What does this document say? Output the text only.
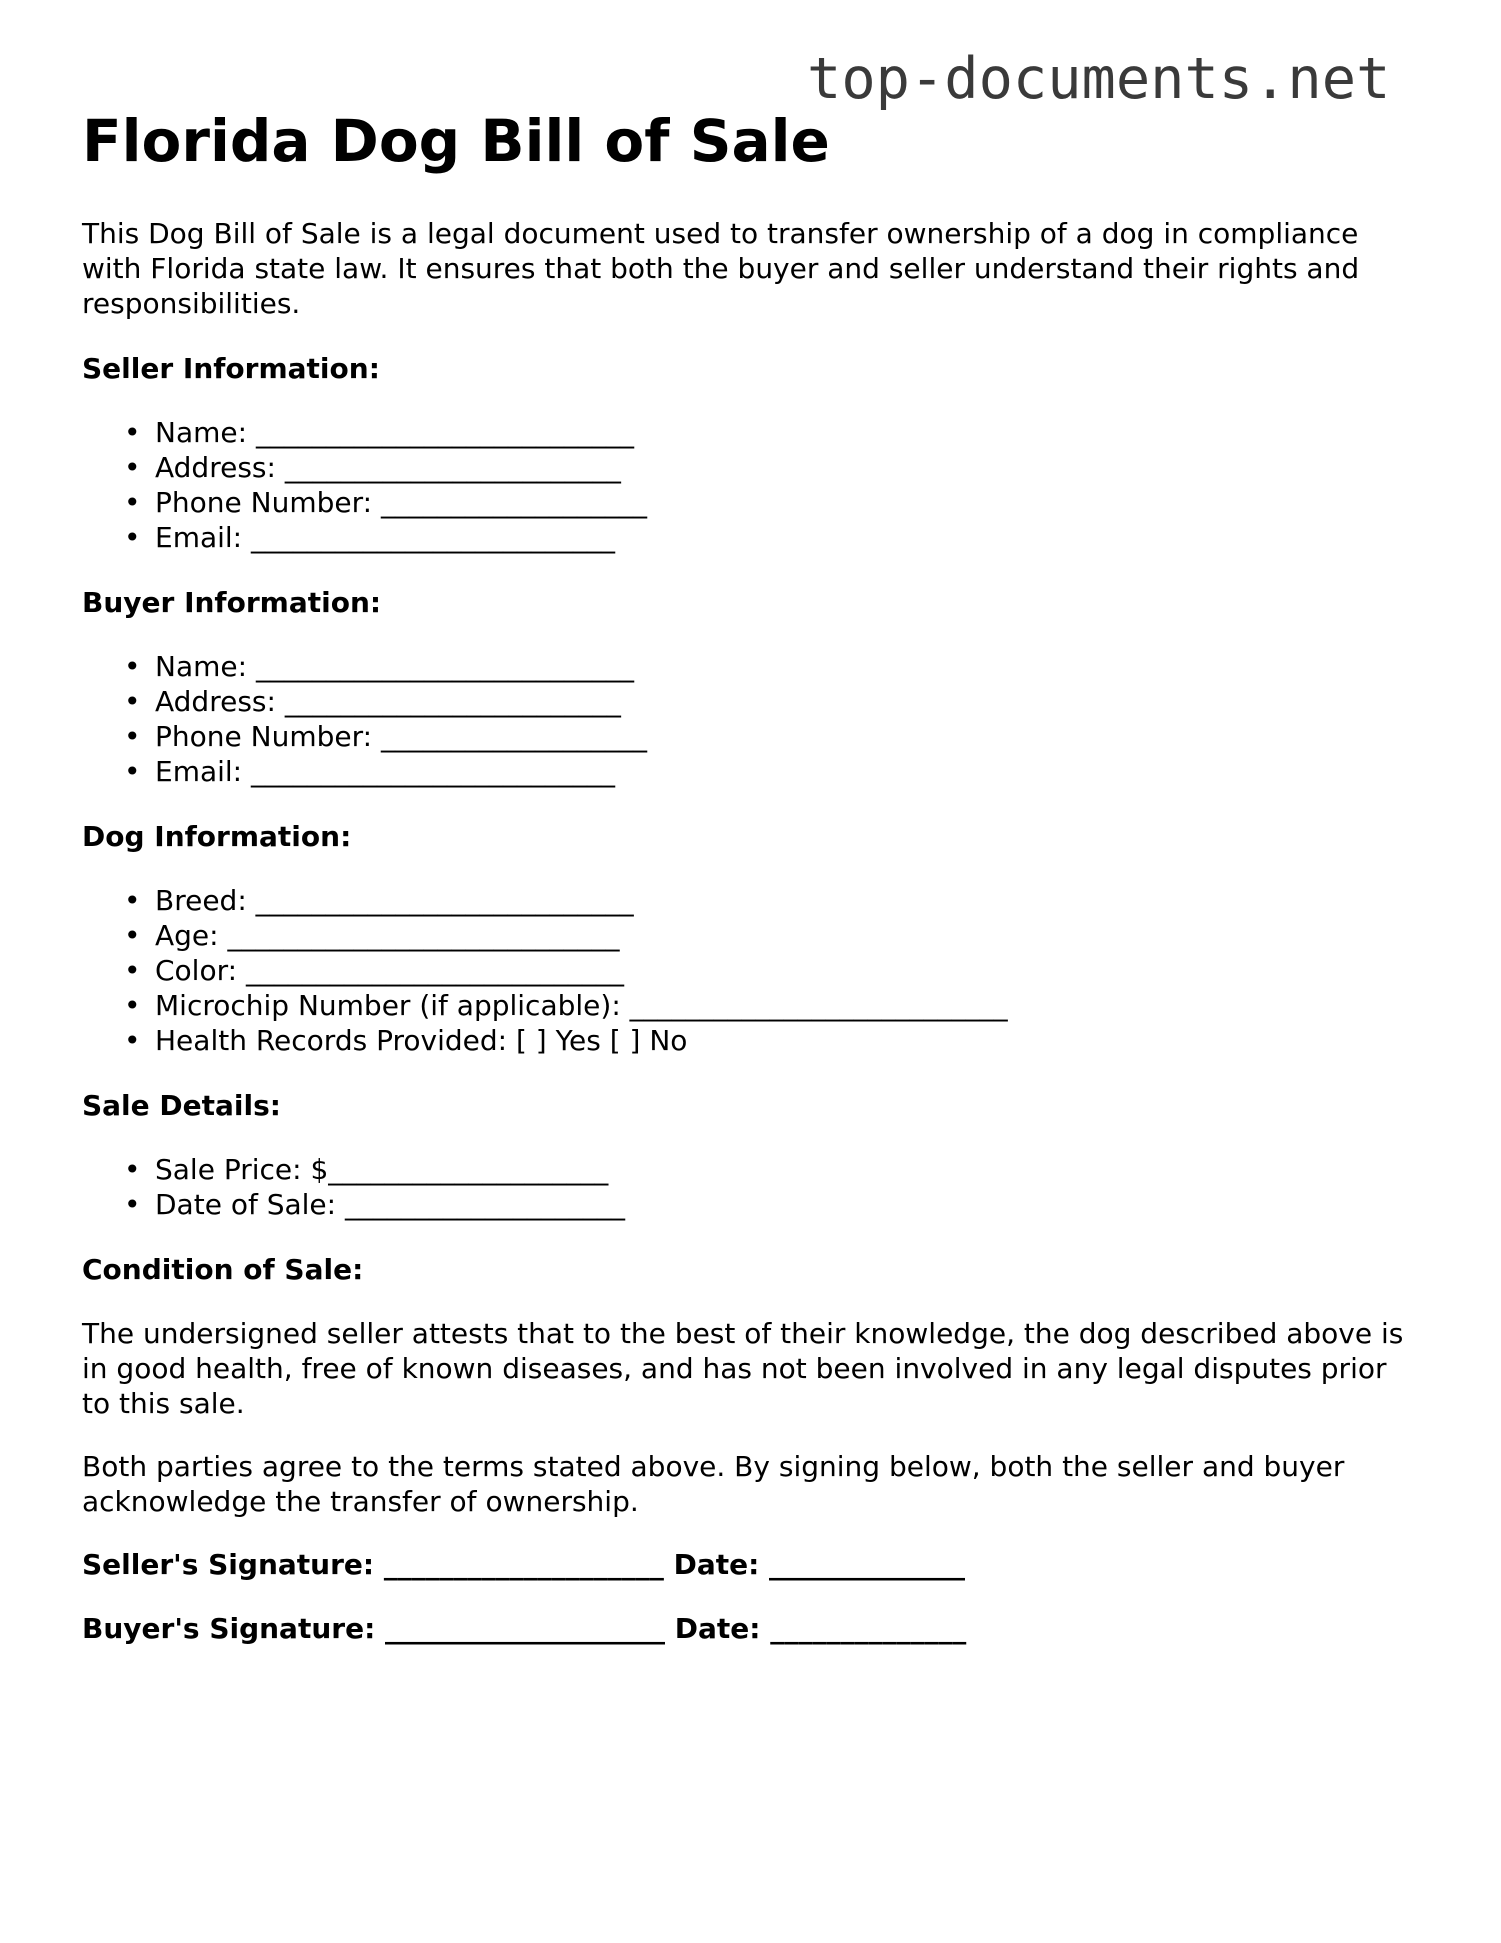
top-documents.net
Florida Dog Bill of Sale

This Dog Bill of Sale is a legal document used to transfer ownership of a dog in compliance with Florida state law. It ensures that both the buyer and seller understand their rights and responsibilities.

Seller Information:
• Name: ___________________________
• Address: ________________________
• Phone Number: ___________________
• Email: __________________________
Buyer Information:
• Name: ___________________________
• Address: ________________________
• Phone Number: ___________________
• Email: __________________________
Dog Information:
• Breed: ___________________________
• Age: ____________________________
• Color: ___________________________
• Microchip Number (if applicable): ___________________________
• Health Records Provided: [ ] Yes [ ] No
Sale Details:
• Sale Price: $____________________
• Date of Sale: ____________________
Condition of Sale:

The undersigned seller attests that to the best of their knowledge, the dog described above is in good health, free of known diseases, and has not been involved in any legal disputes prior to this sale.

Both parties agree to the terms stated above. By signing below, both the seller and buyer acknowledge the transfer of ownership.

Seller's Signature: ____________________ Date: ______________
Buyer's Signature: ____________________ Date: ______________
